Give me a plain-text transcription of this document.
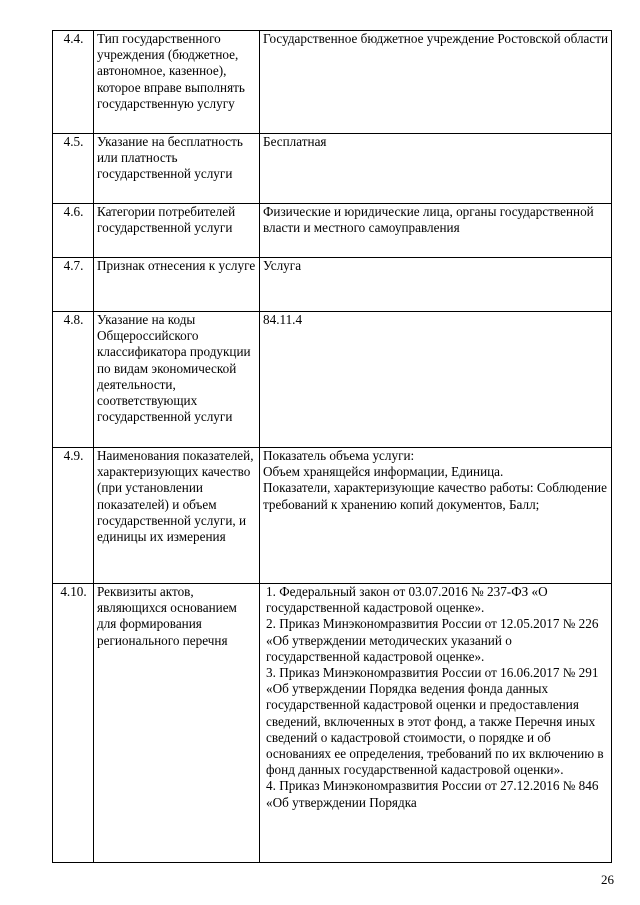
4.4.	Тип государственного учреждения (бюджетное, автономное, казенное), которое вправе выполнять государственную услугу	Государственное бюджетное учреждение Ростовской области

4.5.	Указание на бесплатность или платность государственной услуги	Бесплатная

4.6.	Категории потребителей государственной услуги	Физические и юридические лица, органы государственной власти и местного самоуправления

4.7.	Признак отнесения к услуге	Услуга

4.8.	Указание на коды Общероссийского классификатора продукции по видам экономической деятельности, соответствующих государственной услуги	84.11.4

4.9.	Наименования показателей, характеризующих качество (при установлении показателей) и объем государственной услуги, и единицы их измерения	Показатель объема услуги:
Объем хранящейся информации, Единица.
Показатели, характеризующие качество работы: Соблюдение требований к хранению копий документов, Балл;

4.10.	Реквизиты актов, являющихся основанием для формирования регионального перечня	1. Федеральный закон от 03.07.2016 № 237-ФЗ «О государственной кадастровой оценке».
2. Приказ Минэкономразвития России от 12.05.2017 № 226 «Об утверждении методических указаний о государственной кадастровой оценке».
3. Приказ Минэкономразвития России от 16.06.2017 № 291 «Об утверждении Порядка ведения фонда данных государственной кадастровой оценки и предоставления сведений, включенных в этот фонд, а также Перечня иных сведений о кадастровой стоимости, о порядке и об основаниях ее определения, требований по их включению в фонд данных государственной кадастровой оценки».
4. Приказ Минэкономразвития России от 27.12.2016 № 846 «Об утверждении Порядка
26
